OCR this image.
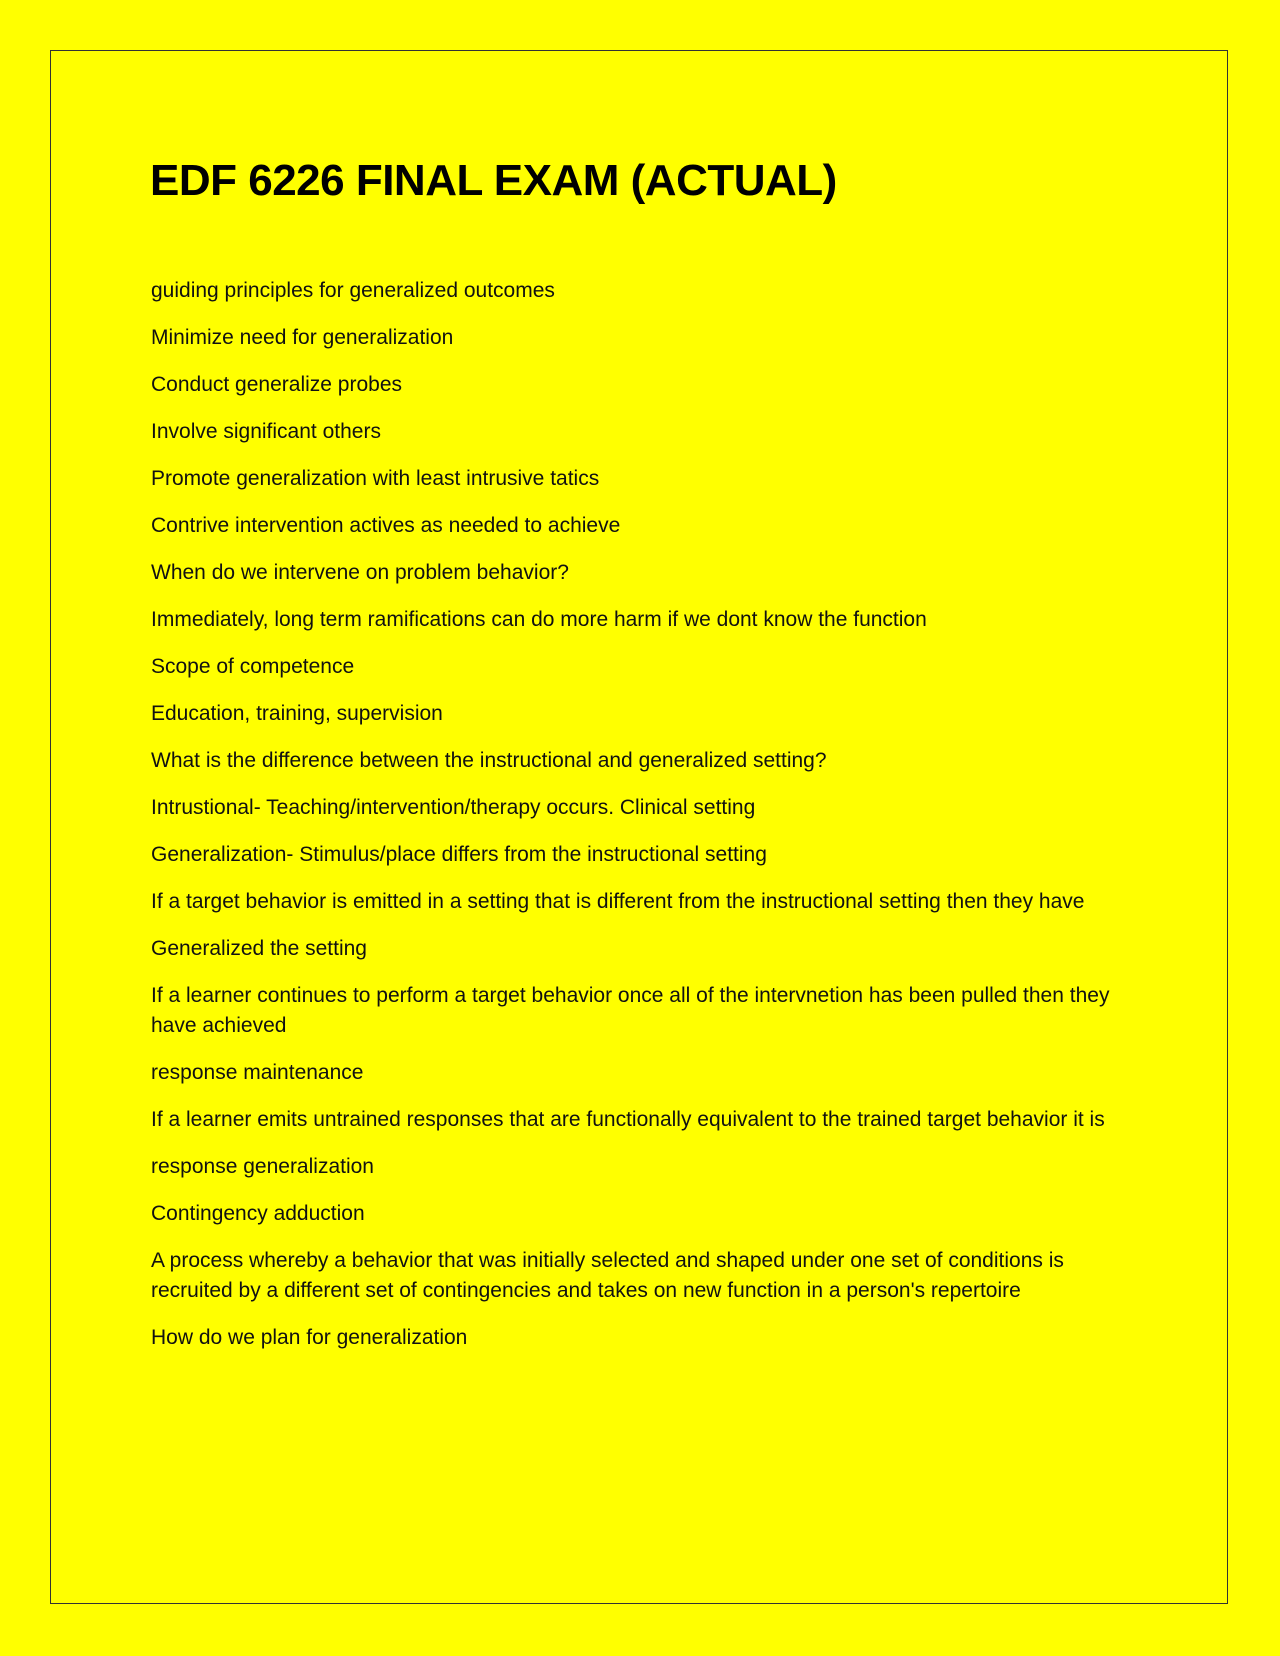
EDF 6226 FINAL EXAM (ACTUAL)
guiding principles for generalized outcomes
Minimize need for generalization
Conduct generalize probes
Involve significant others
Promote generalization with least intrusive tatics
Contrive intervention actives as needed to achieve
When do we intervene on problem behavior?
Immediately, long term ramifications can do more harm if we dont know the function
Scope of competence
Education, training, supervision
What is the difference between the instructional and generalized setting?
Intrustional- Teaching/intervention/therapy occurs. Clinical setting
Generalization- Stimulus/place differs from the instructional setting
If a target behavior is emitted in a setting that is different from the instructional setting then they have
Generalized the setting
If a learner continues to perform a target behavior once all of the intervnetion has been pulled then they have achieved
response maintenance
If a learner emits untrained responses that are functionally equivalent to the trained target behavior it is
response generalization
Contingency adduction
A process whereby a behavior that was initially selected and shaped under one set of conditions is recruited by a different set of contingencies and takes on new function in a person's repertoire
How do we plan for generalization
